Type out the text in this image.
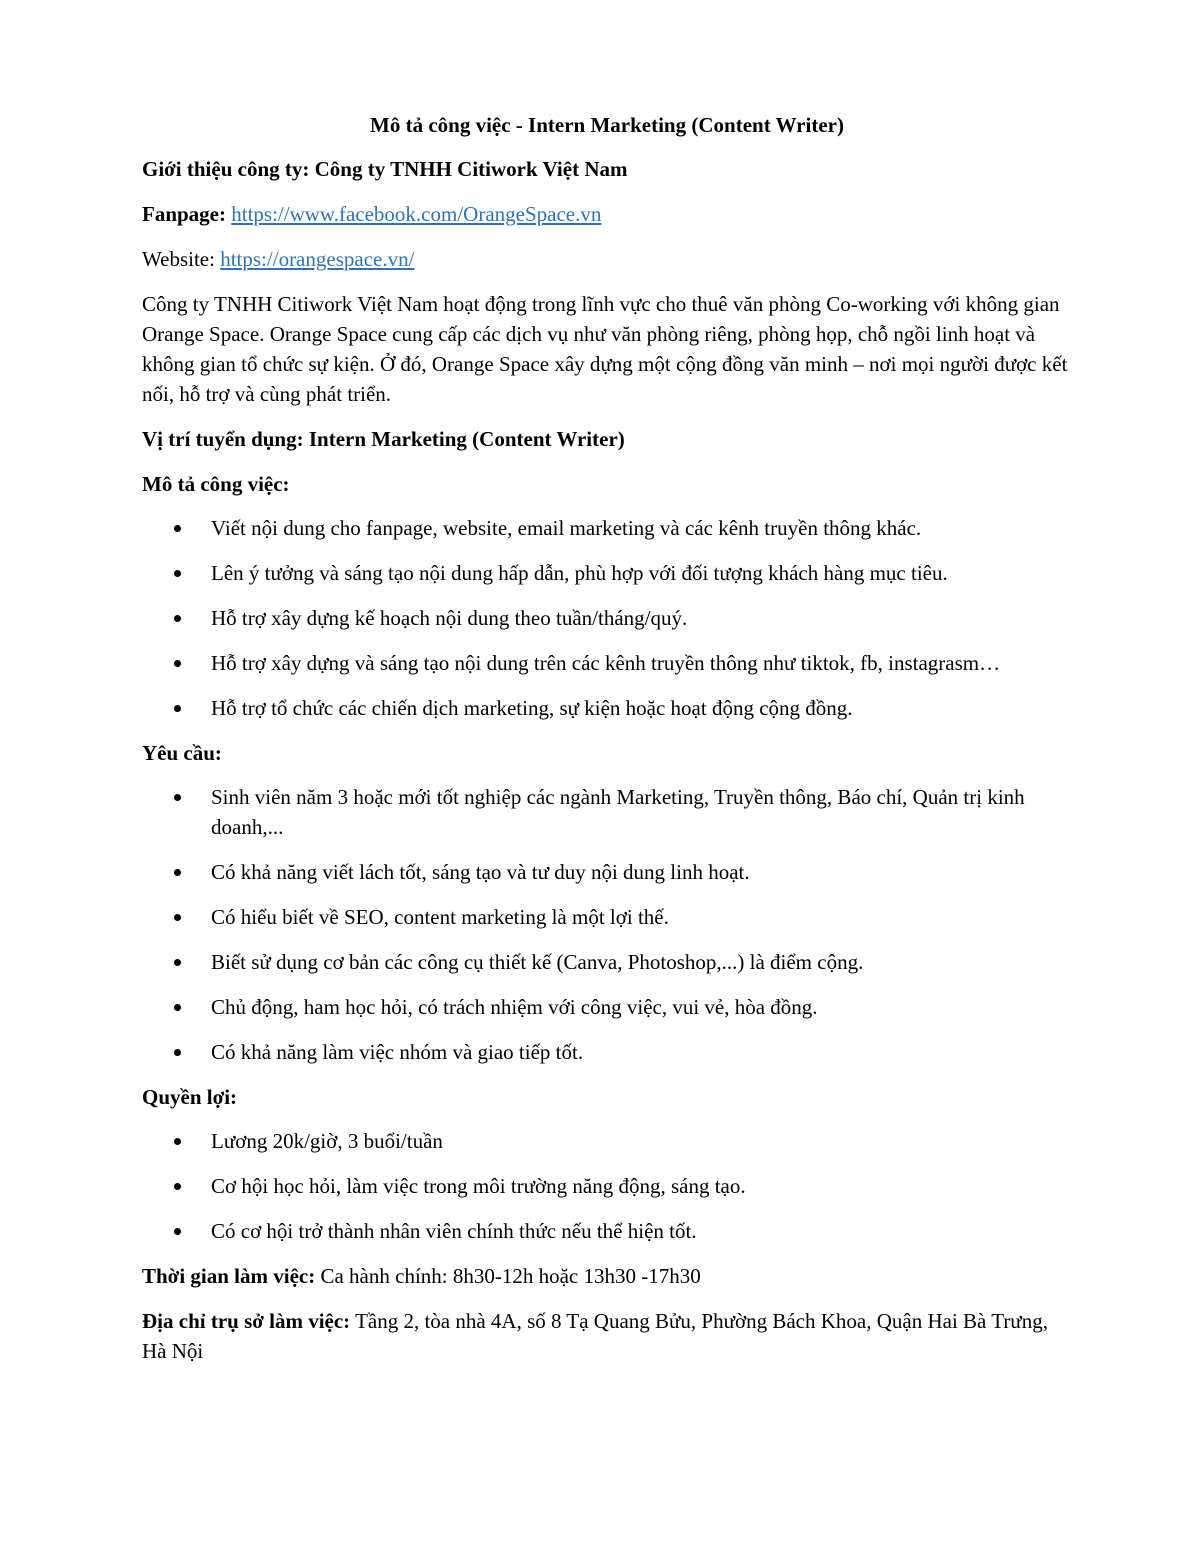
Mô tả công việc - Intern Marketing (Content Writer)

Giới thiệu công ty: Công ty TNHH Citiwork Việt Nam

Fanpage: https://www.facebook.com/OrangeSpace.vn

Website: https://orangespace.vn/

Công ty TNHH Citiwork Việt Nam hoạt động trong lĩnh vực cho thuê văn phòng Co-working với không gian Orange Space. Orange Space cung cấp các dịch vụ như văn phòng riêng, phòng họp, chỗ ngồi linh hoạt và không gian tổ chức sự kiện. Ở đó, Orange Space xây dựng một cộng đồng văn minh – nơi mọi người được kết nối, hỗ trợ và cùng phát triển.

Vị trí tuyển dụng: Intern Marketing (Content Writer)

Mô tả công việc:

Viết nội dung cho fanpage, website, email marketing và các kênh truyền thông khác.
Lên ý tưởng và sáng tạo nội dung hấp dẫn, phù hợp với đối tượng khách hàng mục tiêu.
Hỗ trợ xây dựng kế hoạch nội dung theo tuần/tháng/quý.
Hỗ trợ xây dựng và sáng tạo nội dung trên các kênh truyền thông như tiktok, fb, instagrasm…
Hỗ trợ tổ chức các chiến dịch marketing, sự kiện hoặc hoạt động cộng đồng.

Yêu cầu:

Sinh viên năm 3 hoặc mới tốt nghiệp các ngành Marketing, Truyền thông, Báo chí, Quản trị kinh doanh,...
Có khả năng viết lách tốt, sáng tạo và tư duy nội dung linh hoạt.
Có hiểu biết về SEO, content marketing là một lợi thế.
Biết sử dụng cơ bản các công cụ thiết kế (Canva, Photoshop,...) là điểm cộng.
Chủ động, ham học hỏi, có trách nhiệm với công việc, vui vẻ, hòa đồng.
Có khả năng làm việc nhóm và giao tiếp tốt.

Quyền lợi:

Lương 20k/giờ, 3 buổi/tuần
Cơ hội học hỏi, làm việc trong môi trường năng động, sáng tạo.
Có cơ hội trở thành nhân viên chính thức nếu thể hiện tốt.

Thời gian làm việc: Ca hành chính: 8h30-12h hoặc 13h30 -17h30

Địa chỉ trụ sở làm việc: Tầng 2, tòa nhà 4A, số 8 Tạ Quang Bửu, Phường Bách Khoa, Quận Hai Bà Trưng, Hà Nội
